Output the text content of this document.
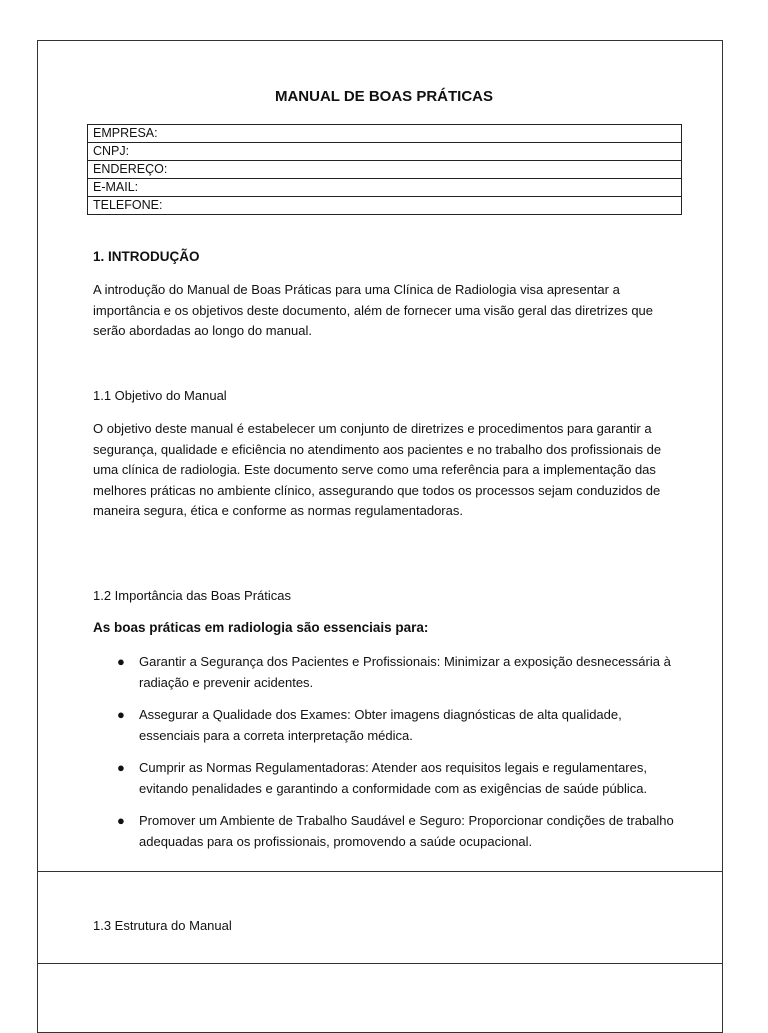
MANUAL DE BOAS PRÁTICAS
EMPRESA:
CNPJ:
ENDEREÇO:
E-MAIL:
TELEFONE:
1. INTRODUÇÃO
A introdução do Manual de Boas Práticas para uma Clínica de Radiologia visa apresentar a importância e os objetivos deste documento, além de fornecer uma visão geral das diretrizes que serão abordadas ao longo do manual.
1.1 Objetivo do Manual
O objetivo deste manual é estabelecer um conjunto de diretrizes e procedimentos para garantir a segurança, qualidade e eficiência no atendimento aos pacientes e no trabalho dos profissionais de uma clínica de radiologia. Este documento serve como uma referência para a implementação das melhores práticas no ambiente clínico, assegurando que todos os processos sejam conduzidos de maneira segura, ética e conforme as normas regulamentadoras.
1.2 Importância das Boas Práticas
As boas práticas em radiologia são essenciais para:
● Garantir a Segurança dos Pacientes e Profissionais: Minimizar a exposição desnecessária à radiação e prevenir acidentes.
● Assegurar a Qualidade dos Exames: Obter imagens diagnósticas de alta qualidade, essenciais para a correta interpretação médica.
● Cumprir as Normas Regulamentadoras: Atender aos requisitos legais e regulamentares, evitando penalidades e garantindo a conformidade com as exigências de saúde pública.
● Promover um Ambiente de Trabalho Saudável e Seguro: Proporcionar condições de trabalho adequadas para os profissionais, promovendo a saúde ocupacional.
1.3 Estrutura do Manual
